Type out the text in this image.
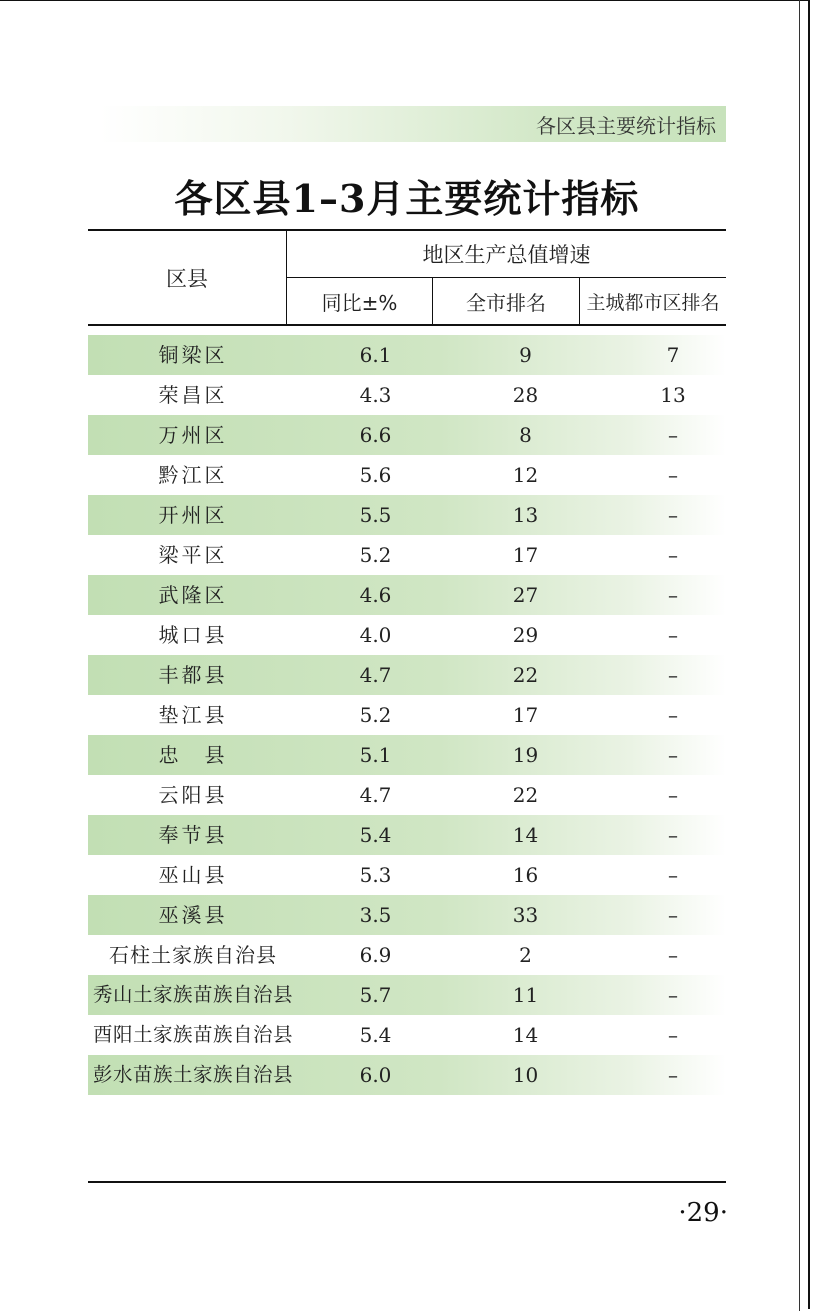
各区县主要统计指标
各区县1–3月主要统计指标
区县
地区生产总值增速
同比±%	全市排名	主城都市区排名
铜梁区	6.1	9	7
荣昌区	4.3	28	13
万州区	6.6	8	–
黔江区	5.6	12	–
开州区	5.5	13	–
梁平区	5.2	17	–
武隆区	4.6	27	–
城口县	4.0	29	–
丰都县	4.7	22	–
垫江县	5.2	17	–
忠　县	5.1	19	–
云阳县	4.7	22	–
奉节县	5.4	14	–
巫山县	5.3	16	–
巫溪县	3.5	33	–
石柱土家族自治县	6.9	2	–
秀山土家族苗族自治县	5.7	11	–
酉阳土家族苗族自治县	5.4	14	–
彭水苗族土家族自治县	6.0	10	–
·29·
